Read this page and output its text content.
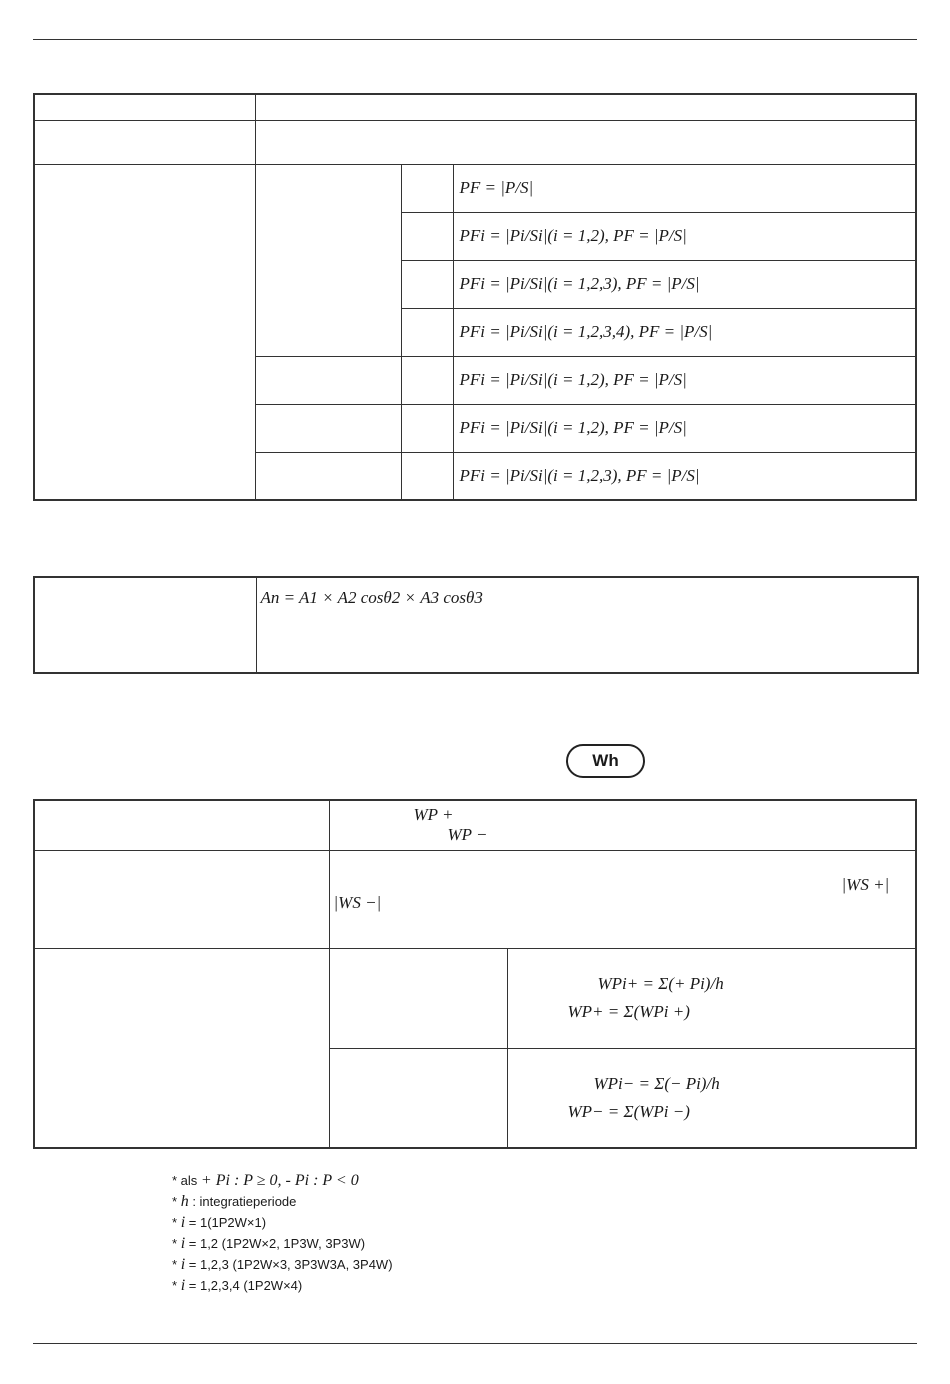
			PF = |P/S|
			PFi = |Pi/Si|(i = 1,2), PF = |P/S|
			PFi = |Pi/Si|(i = 1,2,3), PF = |P/S|
			PFi = |Pi/Si|(i = 1,2,3,4), PF = |P/S|
			PFi = |Pi/Si|(i = 1,2), PF = |P/S|
			PFi = |Pi/Si|(i = 1,2), PF = |P/S|
			PFi = |Pi/Si|(i = 1,2,3), PF = |P/S|
	An = A1 × A2 cosθ2 × A3 cosθ3
Wh

	WP +
WP −	

	|WS +|
|WS −|	

		WPi+ = Σ(+ Pi)/h
WP+ = Σ(WPi +)

		WPi− = Σ(− Pi)/h
WP− = Σ(WPi −)
* als + Pi : P ≥ 0, - Pi : P < 0
* h : integratieperiode
* i = 1(1P2W×1)
* i = 1,2 (1P2W×2, 1P3W, 3P3W)
* i = 1,2,3 (1P2W×3, 3P3W3A, 3P4W)
* i = 1,2,3,4 (1P2W×4)
